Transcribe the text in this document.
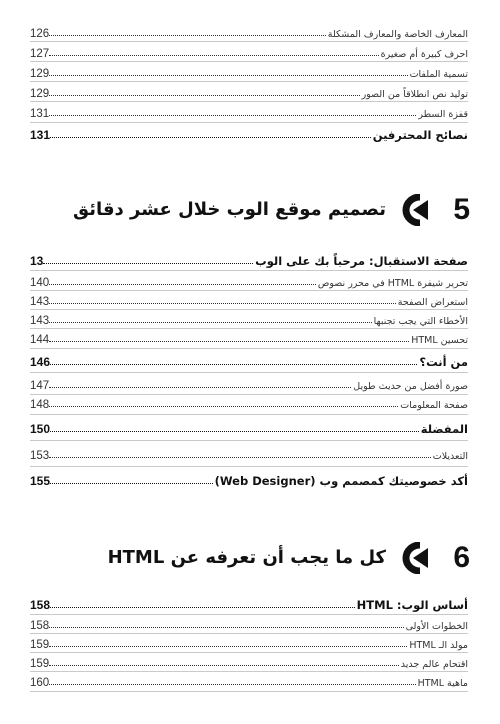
المعارف الخاصة والمعارف المشكلة
126
احرف كبيرة أم صغيرة
127
تسمية الملفات
129
توليد نص انطلاقاً من الصور
129
قفزة السطر
131
نصائح المحترفين
131
5
تصميم موقع الوب خلال عشر دقائق
صفحة الاستقبال: مرحباً بك على الوب
13
تحرير شيفرة HTML في محرر نصوص
140
استعراض الصفحة
143
الأخطاء التي يجب تجنبها
143
تحسين HTML
144
من أنت؟
146
صورة أفضل من حديث طويل
147
صفحة المعلومات
148
المفضلة
150
التعديلات
153
أكد خصوصيتك كمصمم وب (Web Designer)
155
6
كل ما يجب أن تعرفه عن HTML
أساس الوب: HTML
158
الخطوات الأولى
158
مولد الـ HTML
159
اقتحام عالم جديد
159
ماهية HTML
160
